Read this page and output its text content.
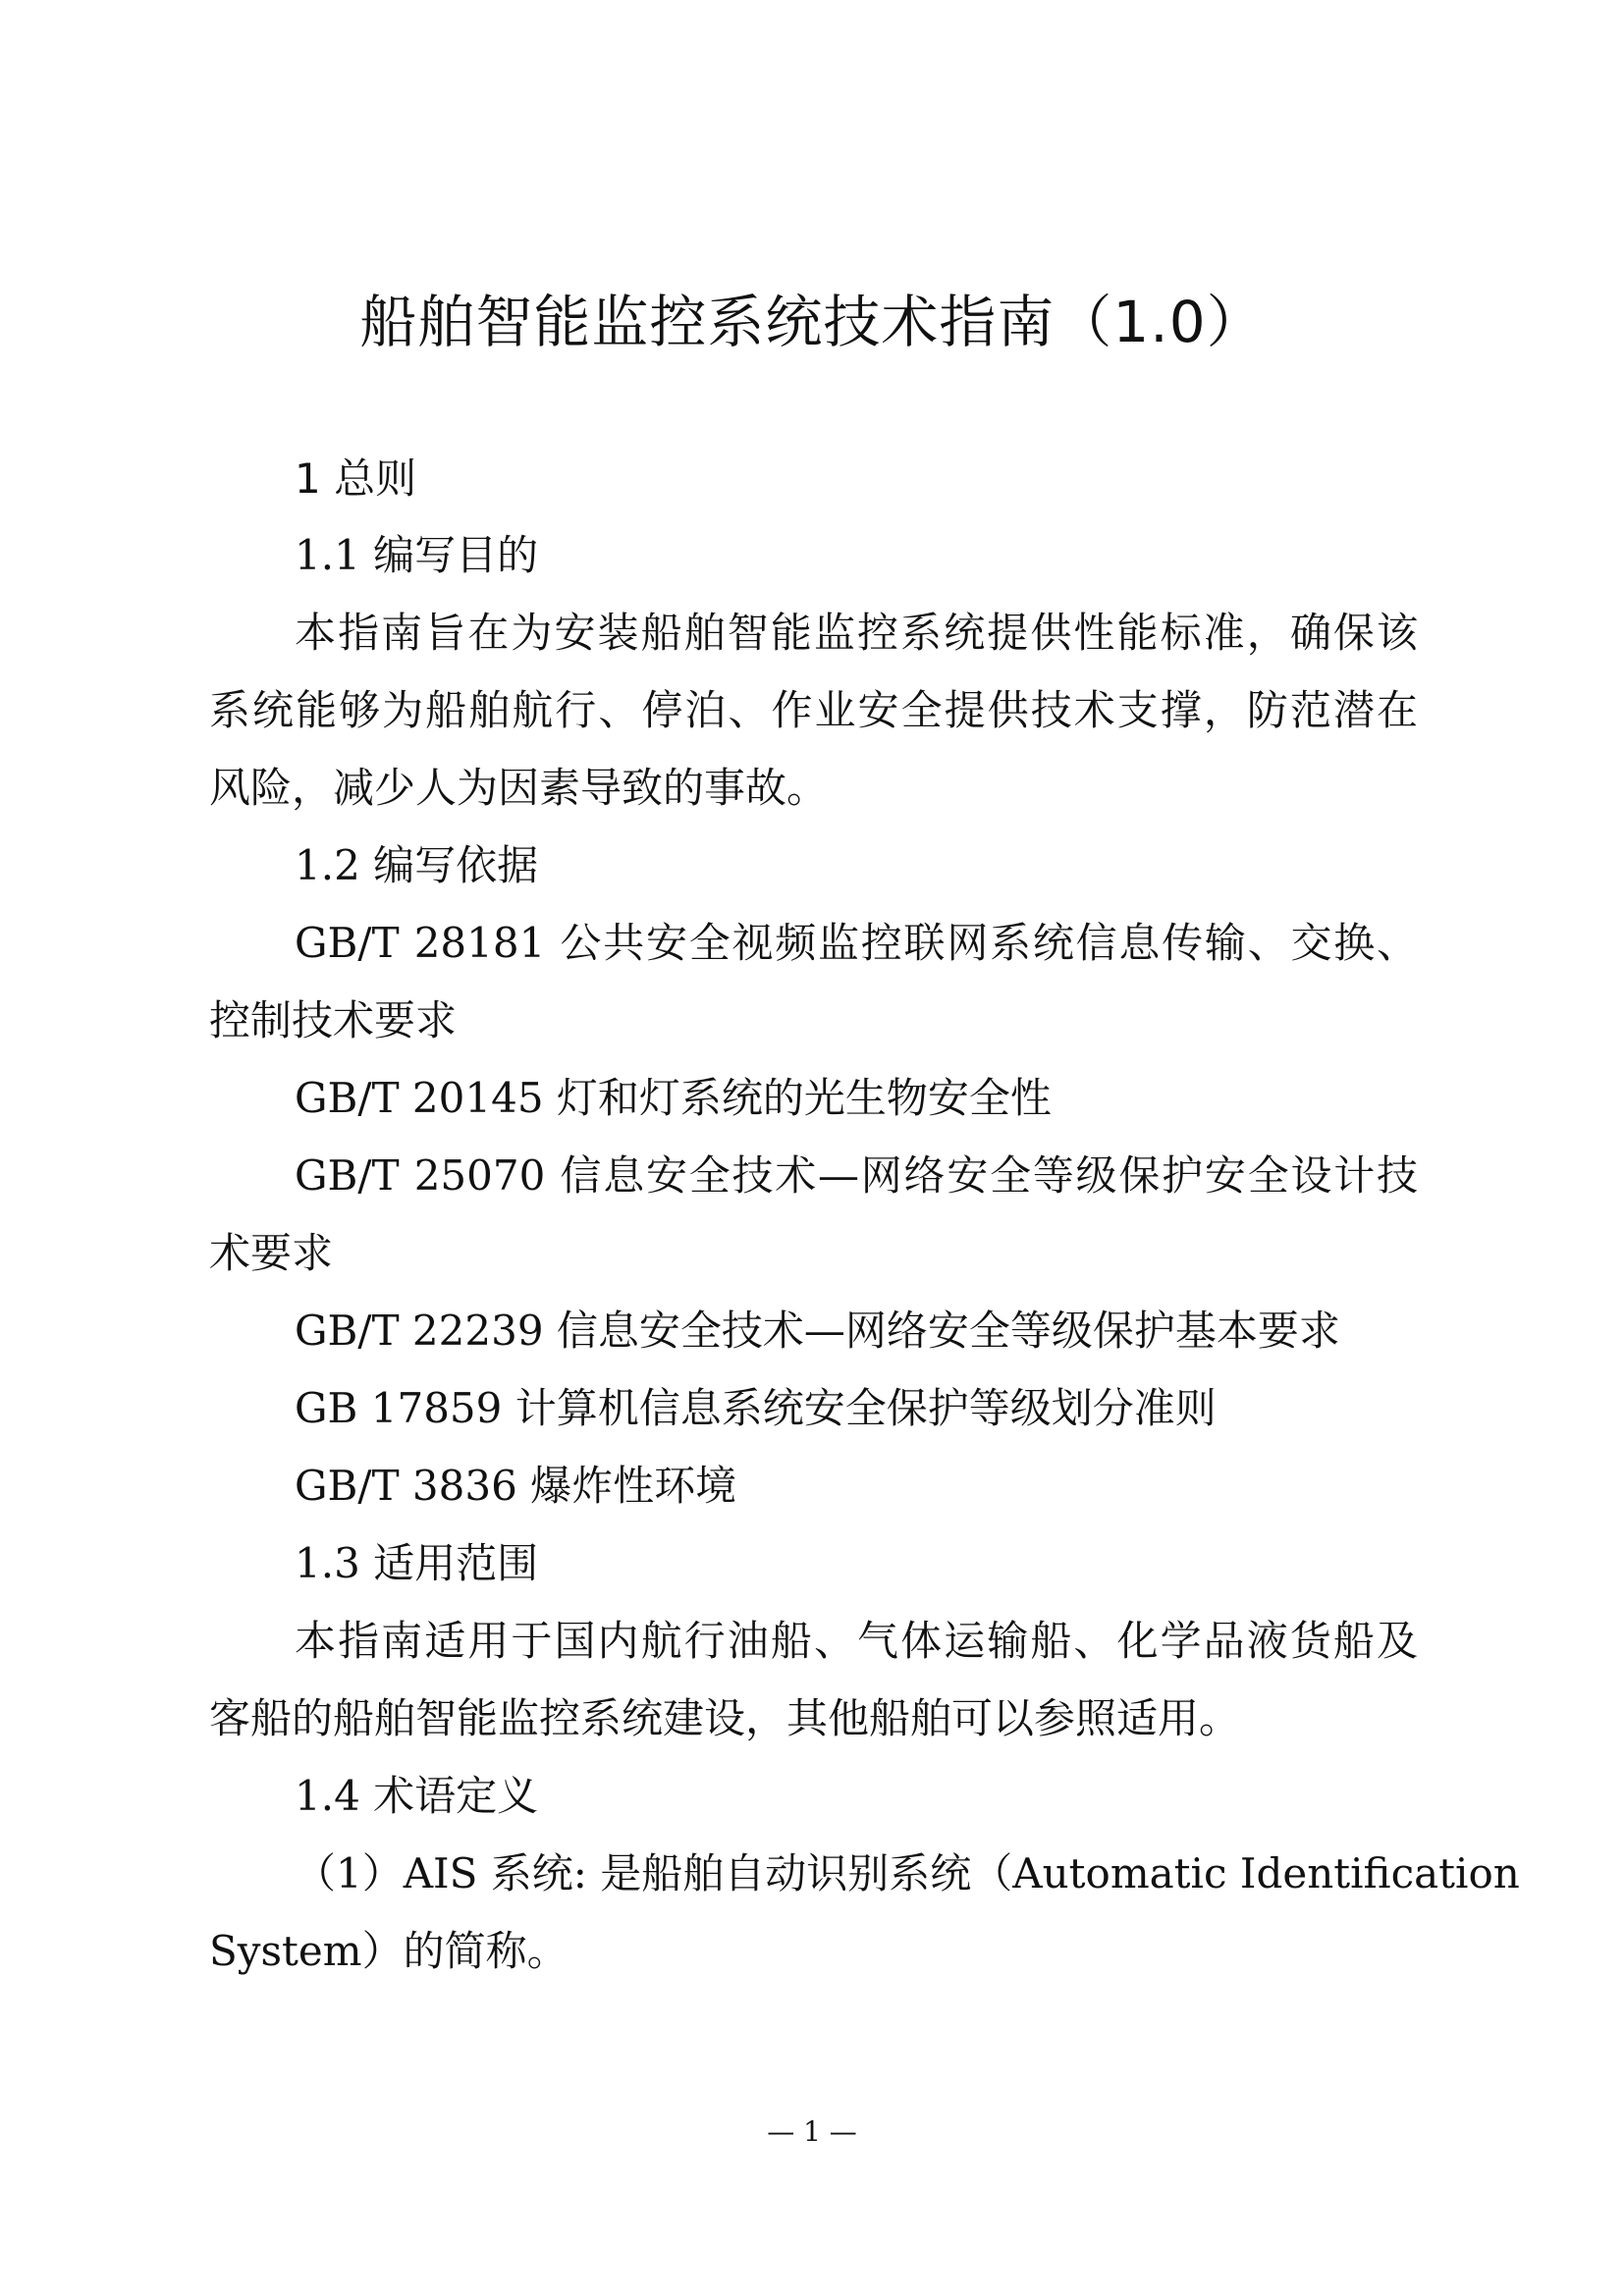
船舶智能监控系统技术指南（1.0）

1 总则

1.1 编写目的

本指南旨在为安装船舶智能监控系统提供性能标准，确保该

系统能够为船舶航行、停泊、作业安全提供技术支撑，防范潜在

风险，减少人为因素导致的事故。

1.2 编写依据

GB/T 28181 公共安全视频监控联网系统信息传输、交换、

控制技术要求

GB/T 20145 灯和灯系统的光生物安全性

GB/T 25070 信息安全技术—网络安全等级保护安全设计技

术要求

GB/T 22239 信息安全技术—网络安全等级保护基本要求

GB 17859 计算机信息系统安全保护等级划分准则

GB/T 3836 爆炸性环境

1.3 适用范围

本指南适用于国内航行油船、气体运输船、化学品液货船及

客船的船舶智能监控系统建设，其他船舶可以参照适用。

1.4 术语定义

（1）AIS 系统: 是船舶自动识别系统（Automatic Identification

System）的简称。

— 1 —
